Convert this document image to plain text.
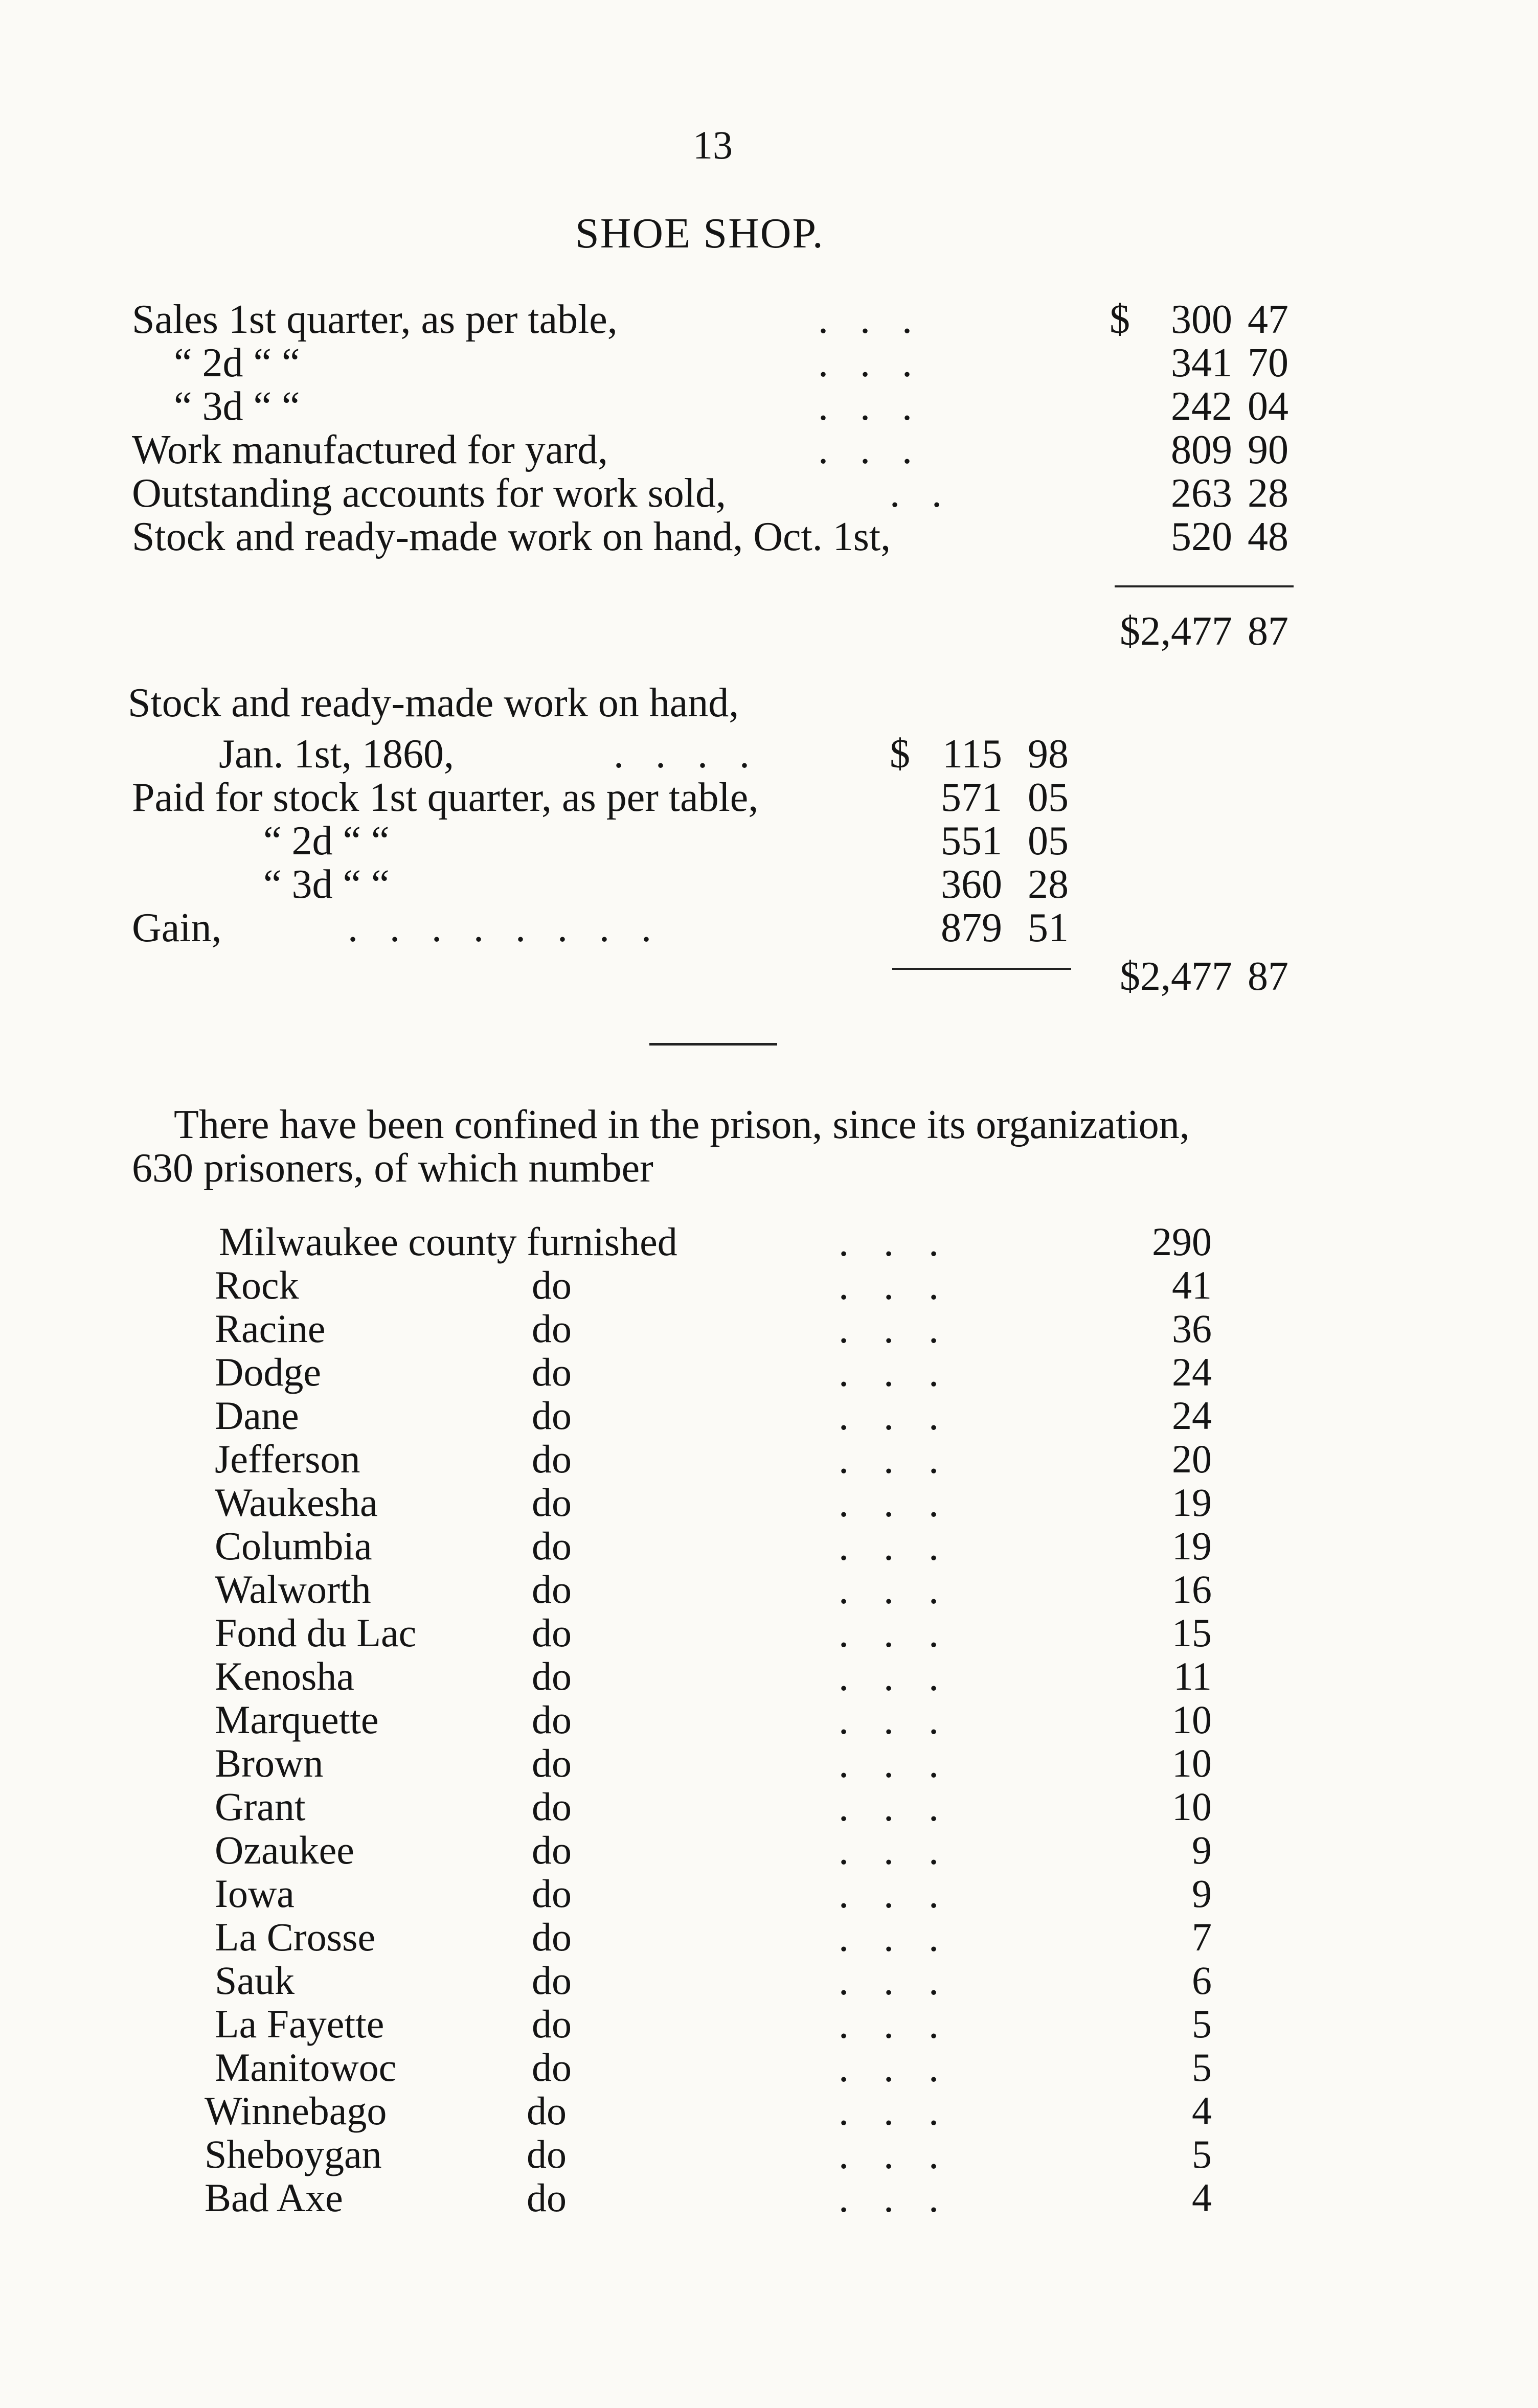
13
SHOE SHOP.
Sales 1st quarter, as per table,	...	$	300 47
“ 2d “ “	...	341 70
“ 3d “ “	...	242 04
Work manufactured for yard,	...	809 90
Outstanding accounts for work sold,	..	263 28
Stock and ready-made work on hand, Oct. 1st,	520 48
$2,477 87
Stock and ready-made work on hand,
Jan. 1st, 1860,	....	$ 115 98
Paid for stock 1st quarter, as per table,	571 05
“ 2d “ “	551 05
“ 3d “ “	360 28
Gain,	........	879 51
$2,477 87
There have been confined in the prison, since its organization,
630 prisoners, of which number
Milwaukee county furnished	...	290
Rock	do	...	41
Racine	do	...	36
Dodge	do	...	24
Dane	do	...	24
Jefferson	do	...	20
Waukesha	do	...	19
Columbia	do	...	19
Walworth	do	...	16
Fond du Lac	do	...	15
Kenosha	do	...	11
Marquette	do	...	10
Brown	do	...	10
Grant	do	...	10
Ozaukee	do	...	9
Iowa	do	...	9
La Crosse	do	...	7
Sauk	do	...	6
La Fayette	do	...	5
Manitowoc	do	...	5
Winnebago	do	...	4
Sheboygan	do	...	5
Bad Axe	do	...	4
